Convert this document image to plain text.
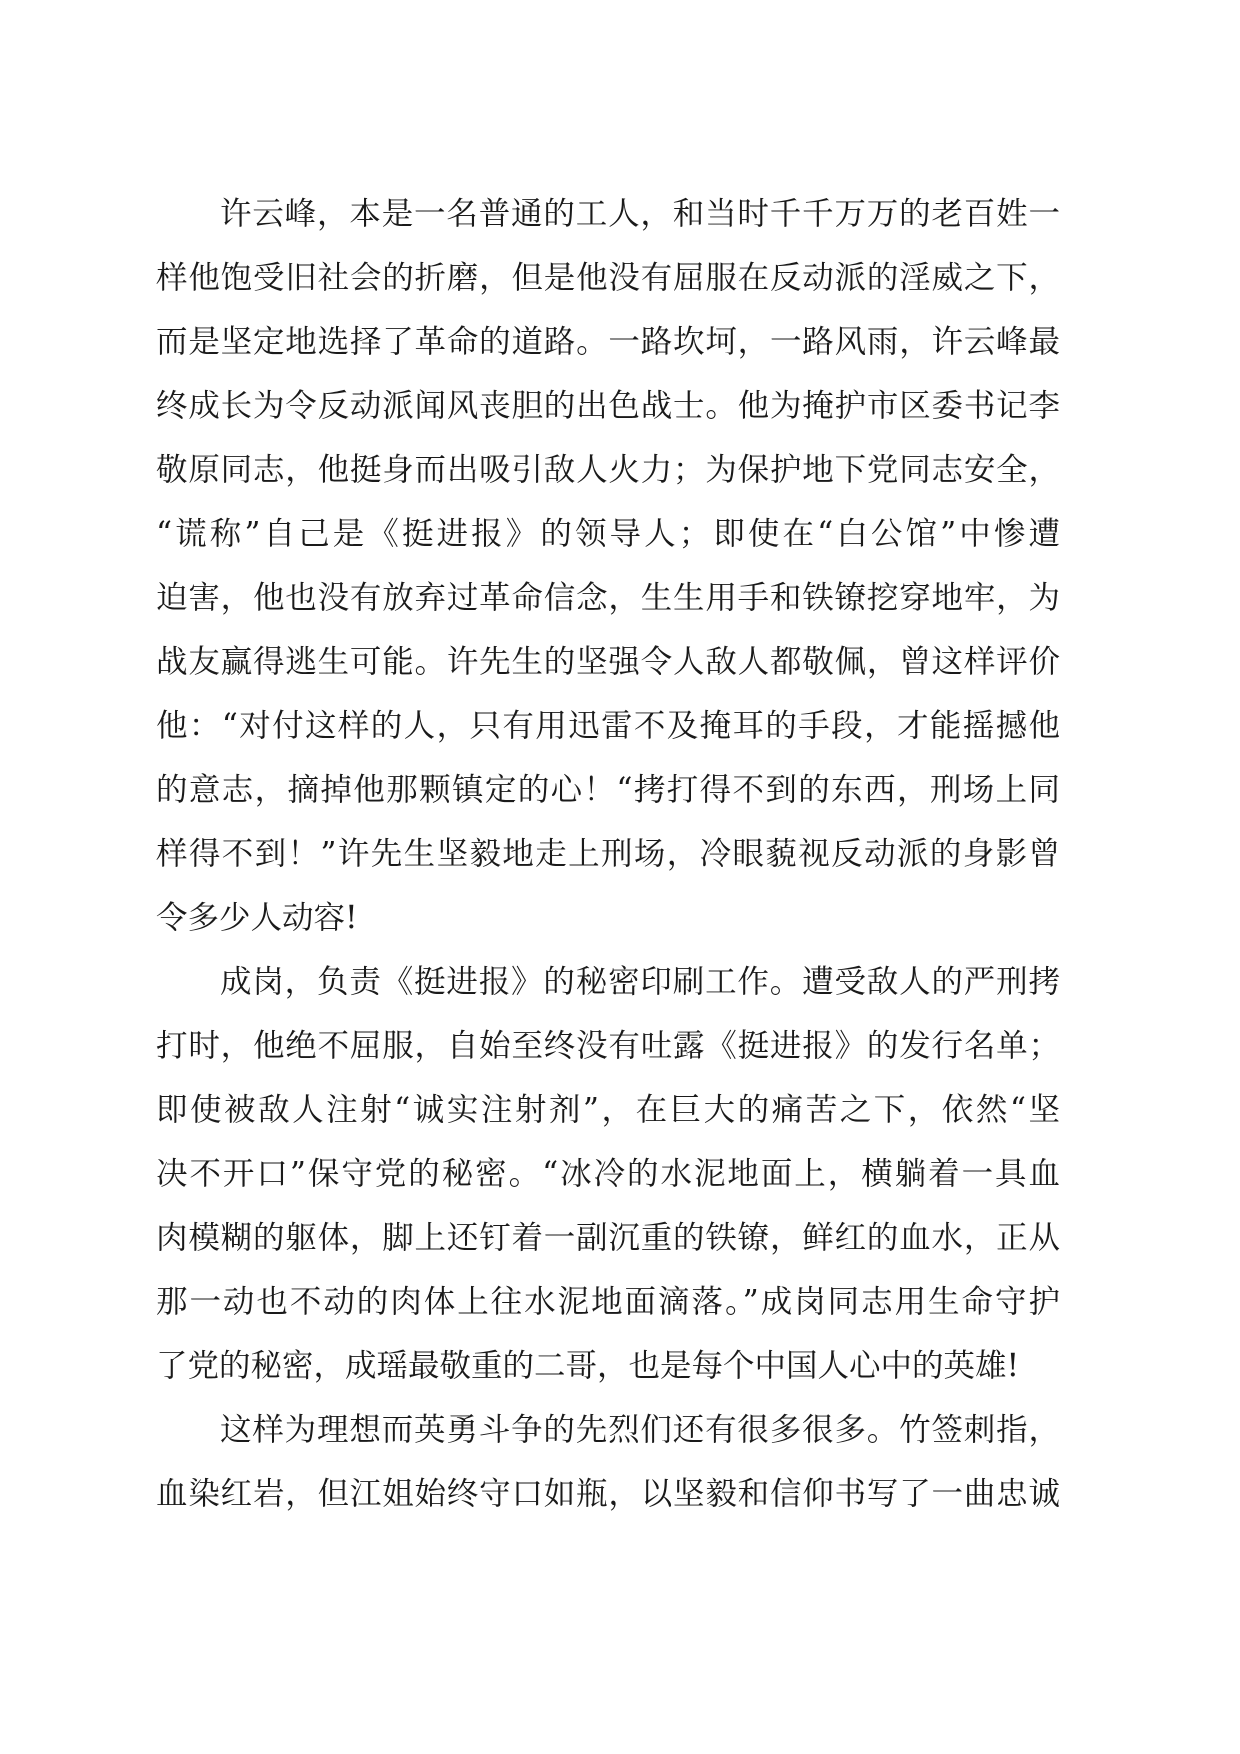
许云峰，本是一名普通的工人，和当时千千万万的老百姓一
样他饱受旧社会的折磨，但是他没有屈服在反动派的淫威之下，
而是坚定地选择了革命的道路。一路坎坷，一路风雨，许云峰最
终成长为令反动派闻风丧胆的出色战士。他为掩护市区委书记李
敬原同志，他挺身而出吸引敌人火力；为保护地下党同志安全，
“谎称”自己是《挺进报》的领导人；即使在“白公馆”中惨遭
迫害，他也没有放弃过革命信念，生生用手和铁镣挖穿地牢，为
战友赢得逃生可能。许先生的坚强令人敌人都敬佩，曾这样评价
他：“对付这样的人，只有用迅雷不及掩耳的手段，才能摇撼他
的意志，摘掉他那颗镇定的心！“拷打得不到的东西，刑场上同
样得不到！”许先生坚毅地走上刑场，冷眼藐视反动派的身影曾
令多少人动容!
成岗，负责《挺进报》的秘密印刷工作。遭受敌人的严刑拷
打时，他绝不屈服，自始至终没有吐露《挺进报》的发行名单；
即使被敌人注射“诚实注射剂”，在巨大的痛苦之下，依然“坚
决不开口”保守党的秘密。“冰冷的水泥地面上，横躺着一具血
肉模糊的躯体，脚上还钉着一副沉重的铁镣，鲜红的血水，正从
那一动也不动的肉体上往水泥地面滴落。”成岗同志用生命守护
了党的秘密，成瑶最敬重的二哥，也是每个中国人心中的英雄!
这样为理想而英勇斗争的先烈们还有很多很多。竹签刺指，
血染红岩，但江姐始终守口如瓶，以坚毅和信仰书写了一曲忠诚
